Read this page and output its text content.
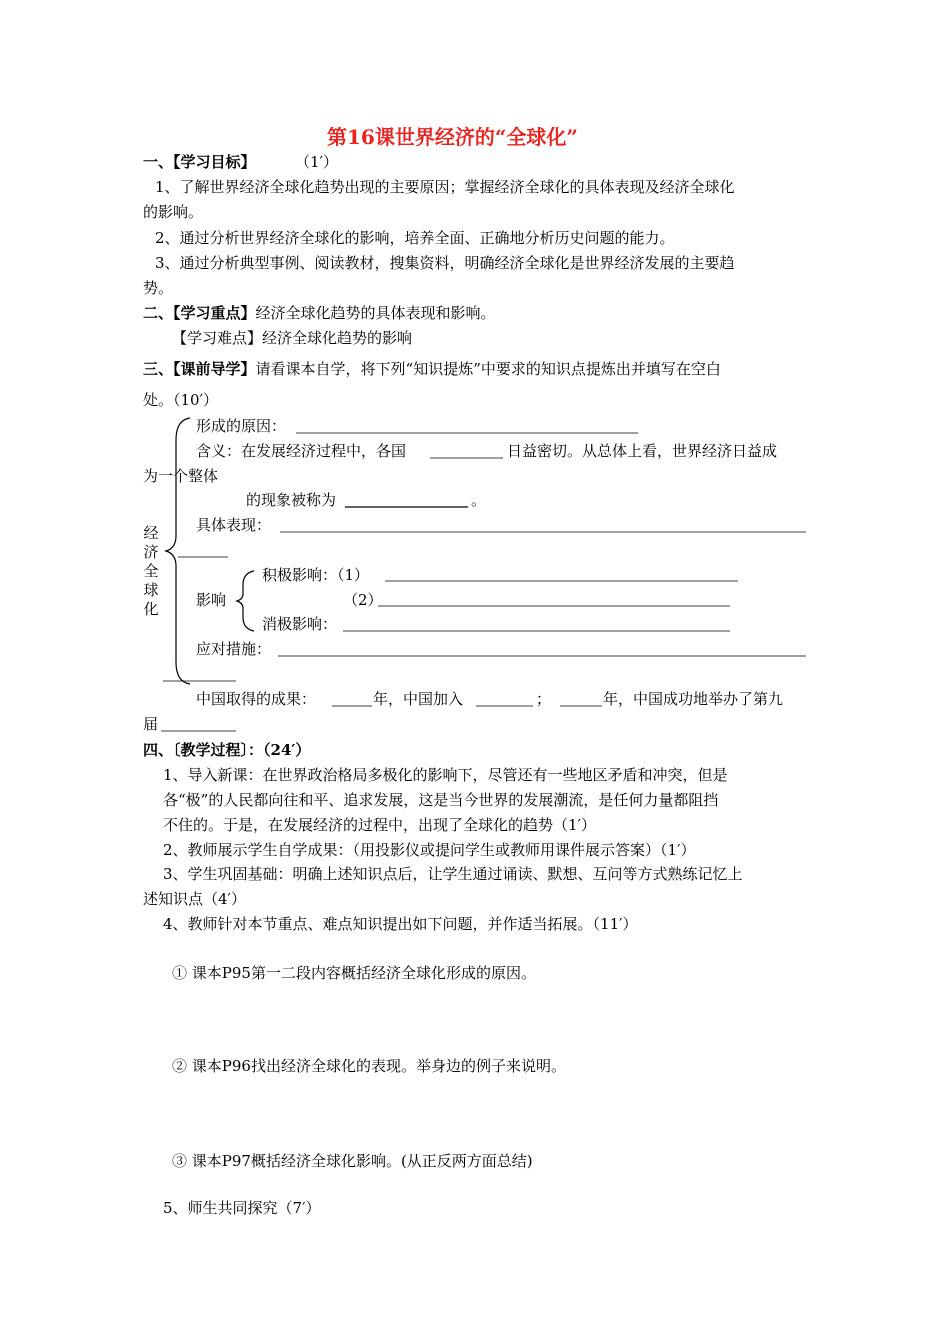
第16课世界经济的“全球化”
一、【学习目标】	（1′）
1、了解世界经济全球化趋势出现的主要原因；掌握经济全球化的具体表现及经济全球化
的影响。
2、通过分析世界经济全球化的影响，培养全面、正确地分析历史问题的能力。
3、通过分析典型事例、阅读教材，搜集资料，明确经济全球化是世界经济发展的主要趋
势。
二、【学习重点】经济全球化趋势的具体表现和影响。
【学习难点】经济全球化趋势的影响
三、【课前导学】请看课本自学，将下列“知识提炼”中要求的知识点提炼出并填写在空白
处。（10′）
经
济
全
球
化
形成的原因：
含义：在发展经济过程中，各国	日益密切。从总体上看，世界经济日益成
为一个整体
的现象被称为	。
具体表现：
影响
积极影响：（1）
（2）
消极影响：
应对措施：
中国取得的成果：	年，中国加入	；	年，中国成功地举办了第九
届
四、〔教学过程〕：（24′）
1、导入新课：在世界政治格局多极化的影响下，尽管还有一些地区矛盾和冲突，但是
各“极”的人民都向往和平、追求发展，这是当今世界的发展潮流，是任何力量都阻挡
不住的。于是，在发展经济的过程中，出现了全球化的趋势（1′）
2、教师展示学生自学成果：（用投影仪或提问学生或教师用课件展示答案）（1′）
3、学生巩固基础：明确上述知识点后，让学生通过诵读、默想、互问等方式熟练记忆上
述知识点（4′）
4、教师针对本节重点、难点知识提出如下问题，并作适当拓展。（11′）
① 课本P95第一二段内容概括经济全球化形成的原因。
② 课本P96找出经济全球化的表现。举身边的例子来说明。
③ 课本P97概括经济全球化影响。(从正反两方面总结)
5、师生共同探究（7′）
